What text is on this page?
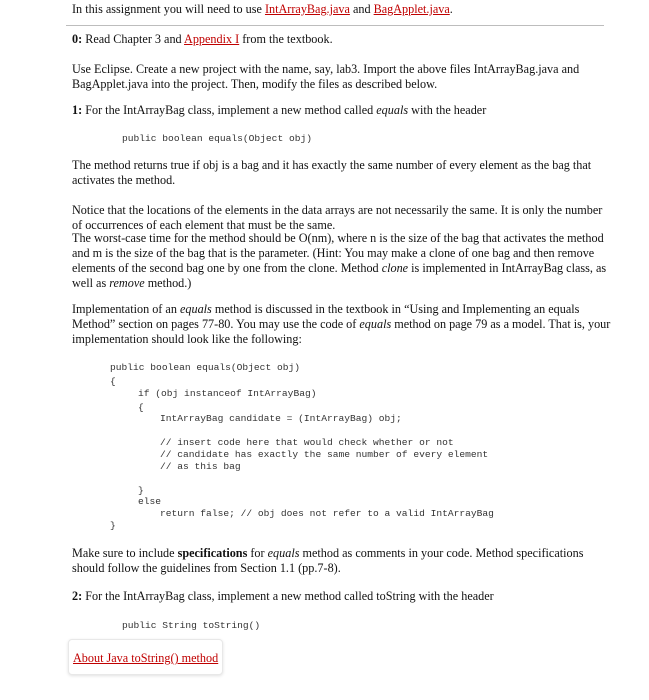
In this assignment you will need to use IntArrayBag.java and BagApplet.java.
0: Read Chapter 3 and Appendix I from the textbook.
Use Eclipse. Create a new project with the name, say, lab3. Import the above files IntArrayBag.java and BagApplet.java into the project. Then, modify the files as described below.
1: For the IntArrayBag class, implement a new method called equals with the header
public boolean equals(Object obj)
The method returns true if obj is a bag and it has exactly the same number of every element as the bag that activates the method.
Notice that the locations of the elements in the data arrays are not necessarily the same. It is only the number of occurrences of each element that must be the same.
The worst-case time for the method should be O(nm), where n is the size of the bag that activates the method and m is the size of the bag that is the parameter. (Hint: You may make a clone of one bag and then remove elements of the second bag one by one from the clone. Method clone is implemented in IntArrayBag class, as well as remove method.)
Implementation of an equals method is discussed in the textbook in “Using and Implementing an equals Method” section on pages 77-80. You may use the code of equals method on page 79 as a model. That is, your implementation should look like the following:
public boolean equals(Object obj)
{
if (obj instanceof IntArrayBag)
{
IntArrayBag candidate = (IntArrayBag) obj;
// insert code here that would check whether or not
// candidate has exactly the same number of every element
// as this bag
}
else
return false; // obj does not refer to a valid IntArrayBag
}
Make sure to include specifications for equals method as comments in your code. Method specifications should follow the guidelines from Section 1.1 (pp.7-8).
2: For the IntArrayBag class, implement a new method called toString with the header
public String toString()
About Java toString() method
